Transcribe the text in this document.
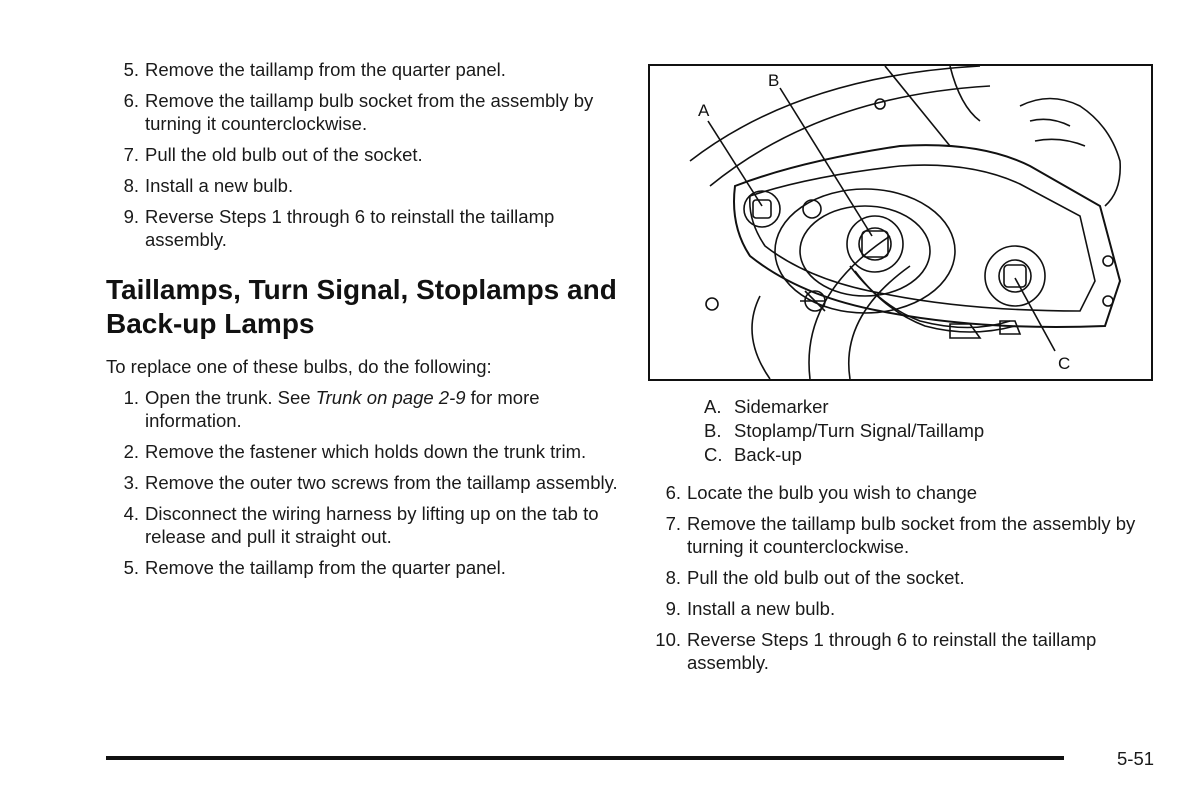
5. Remove the taillamp from the quarter panel.
6. Remove the taillamp bulb socket from the assembly by turning it counterclockwise.
7. Pull the old bulb out of the socket.
8. Install a new bulb.
9. Reverse Steps 1 through 6 to reinstall the taillamp assembly.
Taillamps, Turn Signal, Stoplamps and Back-up Lamps

To replace one of these bulbs, do the following:

1. Open the trunk. See Trunk on page 2-9 for more information.
2. Remove the fastener which holds down the trunk trim.
3. Remove the outer two screws from the taillamp assembly.
4. Disconnect the wiring harness by lifting up on the tab to release and pull it straight out.
5. Remove the taillamp from the quarter panel.
A
B
C
A. Sidemarker
B. Stoplamp/Turn Signal/Taillamp
C. Back-up
6. Locate the bulb you wish to change
7. Remove the taillamp bulb socket from the assembly by turning it counterclockwise.
8. Pull the old bulb out of the socket.
9. Install a new bulb.
10. Reverse Steps 1 through 6 to reinstall the taillamp assembly.
5-51
